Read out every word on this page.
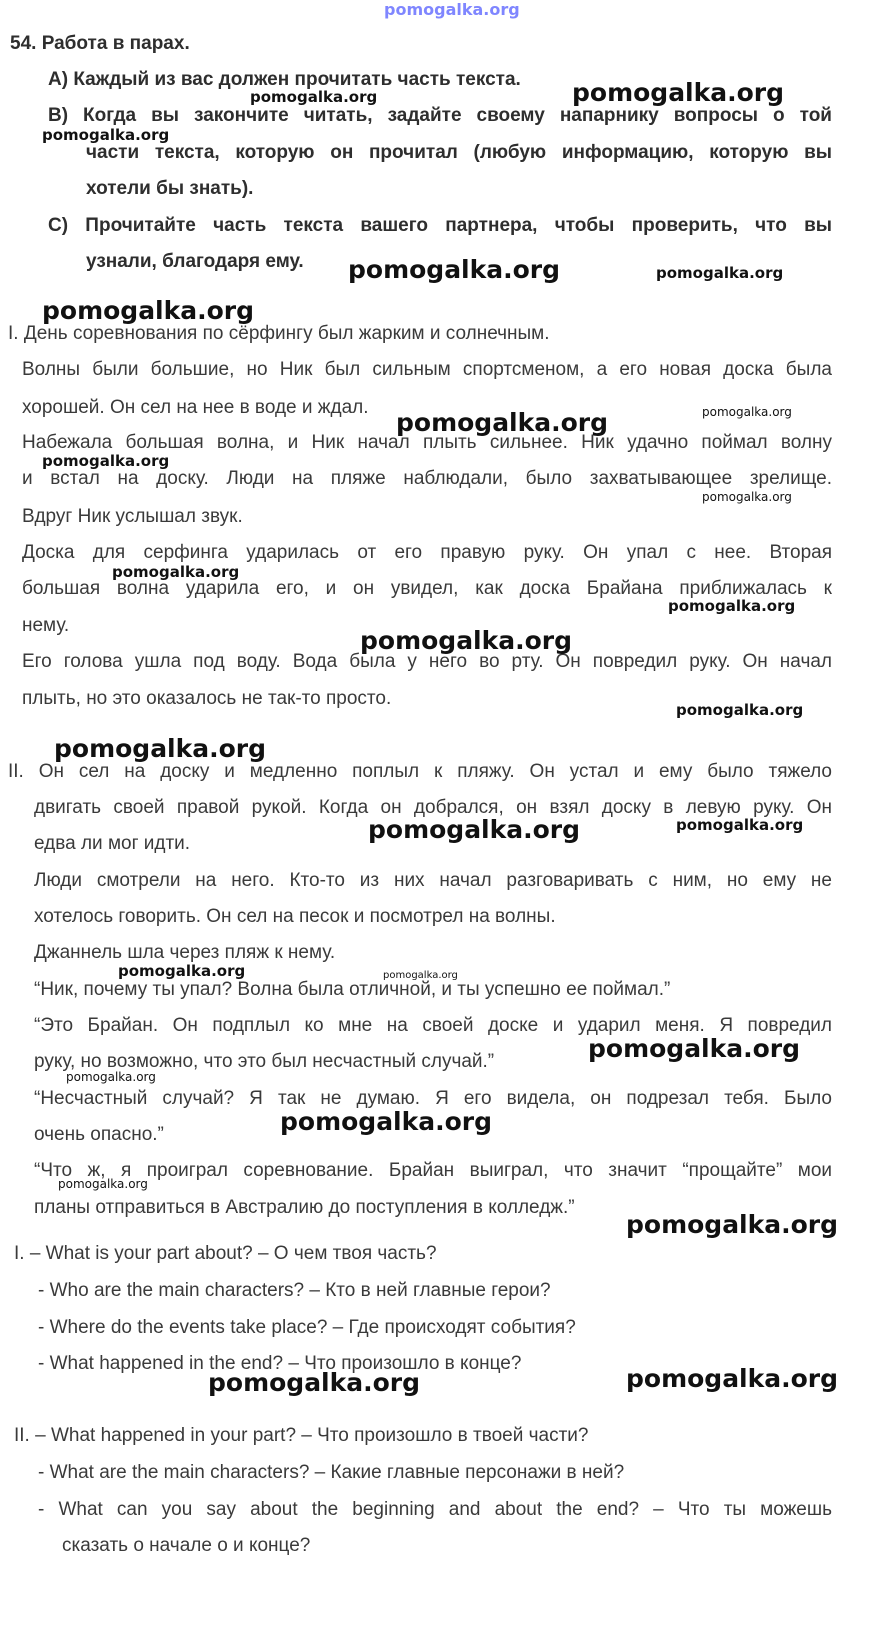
pomogalka.org
54. Работа в парах.
А) Каждый из вас должен прочитать часть текста.
В) Когда вы закончите читать, задайте своему напарнику вопросы о той
части текста, которую он прочитал (любую информацию, которую вы
хотели бы знать).
С) Прочитайте часть текста вашего партнера, чтобы проверить, что вы
узнали, благодаря ему.
I. День соревнования по сёрфингу был жарким и солнечным.
Волны были большие, но Ник был сильным спортсменом, а его новая доска была
хорошей. Он сел на нее в воде и ждал.
Набежала большая волна, и Ник начал плыть сильнее. Ник удачно поймал волну
и встал на доску. Люди на пляже наблюдали, было захватывающее зрелище.
Вдруг Ник услышал звук.
Доска для серфинга ударилась от его правую руку. Он упал с нее. Вторая
большая волна ударила его, и он увидел, как доска Брайана приближалась к
нему.
Его голова ушла под воду. Вода была у него во рту. Он повредил руку. Он начал
плыть, но это оказалось не так-то просто.
II. Он сел на доску и медленно поплыл к пляжу. Он устал и ему было тяжело
двигать своей правой рукой. Когда он добрался, он взял доску в левую руку. Он
едва ли мог идти.
Люди смотрели на него. Кто-то из них начал разговаривать с ним, но ему не
хотелось говорить. Он сел на песок и посмотрел на волны.
Джаннель шла через пляж к нему.
“Ник, почему ты упал? Волна была отличной, и ты успешно ее поймал.”
“Это Брайан. Он подплыл ко мне на своей доске и ударил меня. Я повредил
руку, но возможно, что это был несчастный случай.”
“Несчастный случай? Я так не думаю. Я его видела, он подрезал тебя. Было
очень опасно.”
“Что ж, я проиграл соревнование. Брайан выиграл, что значит “прощайте” мои
планы отправиться в Австралию до поступления в колледж.”
I. – What is your part about? – О чем твоя часть?
- Who are the main characters? – Кто в ней главные герои?
- Where do the events take place? – Где происходят события?
- What happened in the end? – Что произошло в конце?
II. – What happened in your part? – Что произошло в твоей части?
- What are the main characters? – Какие главные персонажи в ней?
- What can you say about the beginning and about the end? – Что ты можешь
сказать о начале о и конце?
pomogalka.org
pomogalka.org
pomogalka.org
pomogalka.org	pomogalka.org
pomogalka.org
pomogalka.org	pomogalka.org
pomogalka.org
pomogalka.org
pomogalka.org
pomogalka.org
pomogalka.org
pomogalka.org
pomogalka.org
pomogalka.org	pomogalka.org
pomogalka.org	pomogalka.org
pomogalka.org
pomogalka.org
pomogalka.org
pomogalka.org
pomogalka.org
pomogalka.org	pomogalka.org
